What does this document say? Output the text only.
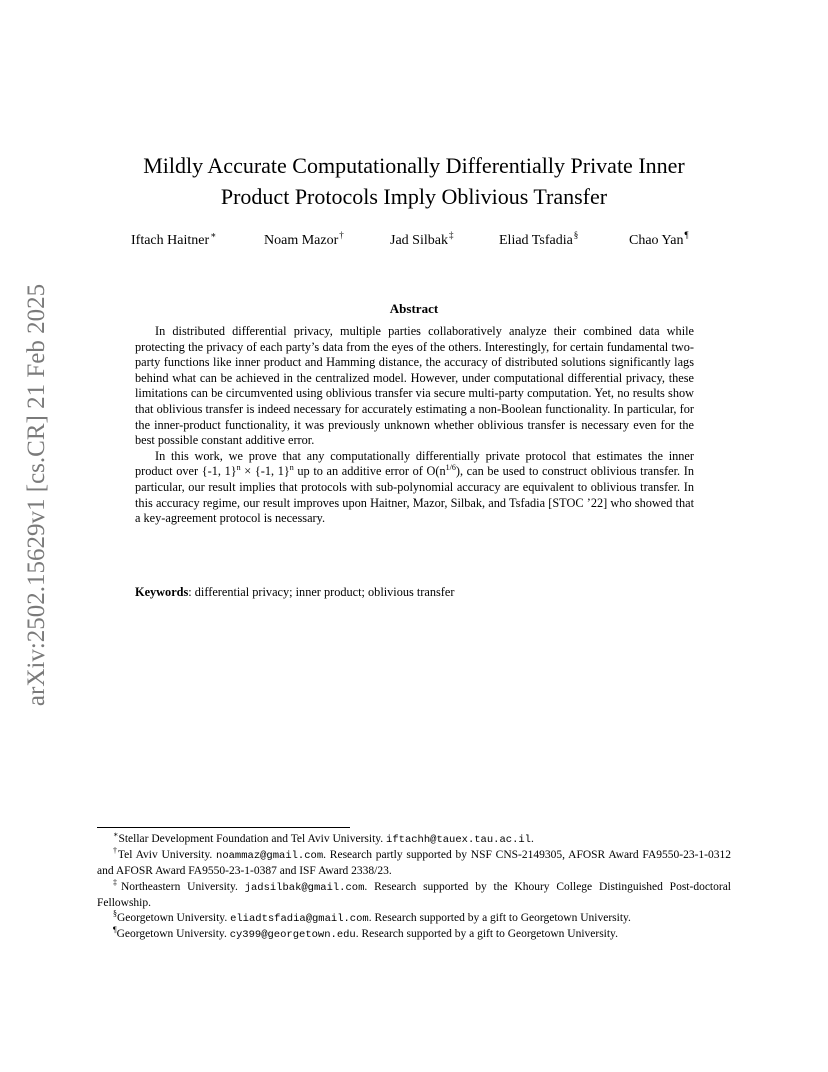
arXiv:2502.15629v1 [cs.CR] 21 Feb 2025
Mildly Accurate Computationally Differentially Private Inner Product Protocols Imply Oblivious Transfer
Iftach Haitner∗	Noam Mazor†	Jad Silbak‡	Eliad Tsfadia§	Chao Yan¶
Abstract

In distributed differential privacy, multiple parties collaboratively analyze their combined data while protecting the privacy of each party’s data from the eyes of the others. Interestingly, for certain fundamental two-party functions like inner product and Hamming distance, the accuracy of distributed solutions significantly lags behind what can be achieved in the centralized model. However, under computational differential privacy, these limitations can be circumvented using oblivious transfer via secure multi-party computation. Yet, no results show that oblivious transfer is indeed necessary for accurately estimating a non-Boolean functionality. In particular, for the inner-product functionality, it was previously unknown whether oblivious transfer is necessary even for the best possible constant additive error.

In this work, we prove that any computationally differentially private protocol that estimates the inner product over {-1, 1}$^n$ × {-1, 1}$^n$ up to an additive error of $O(n^{1/6})$, can be used to construct oblivious transfer. In particular, our result implies that protocols with sub-polynomial accuracy are equivalent to oblivious transfer. In this accuracy regime, our result improves upon Haitner, Mazor, Silbak, and Tsfadia [STOC ’22] who showed that a key-agreement protocol is necessary.

Keywords: differential privacy; inner product; oblivious transfer
∗Stellar Development Foundation and Tel Aviv University. iftachh@tauex.tau.ac.il.
†Tel Aviv University. noammaz@gmail.com. Research partly supported by NSF CNS-2149305, AFOSR Award FA9550-23-1-0312 and AFOSR Award FA9550-23-1-0387 and ISF Award 2338/23.
‡Northeastern University. jadsilbak@gmail.com. Research supported by the Khoury College Distinguished Post-doctoral Fellowship.
§Georgetown University. eliadtsfadia@gmail.com. Research supported by a gift to Georgetown University.
¶Georgetown University. cy399@georgetown.edu. Research supported by a gift to Georgetown University.
